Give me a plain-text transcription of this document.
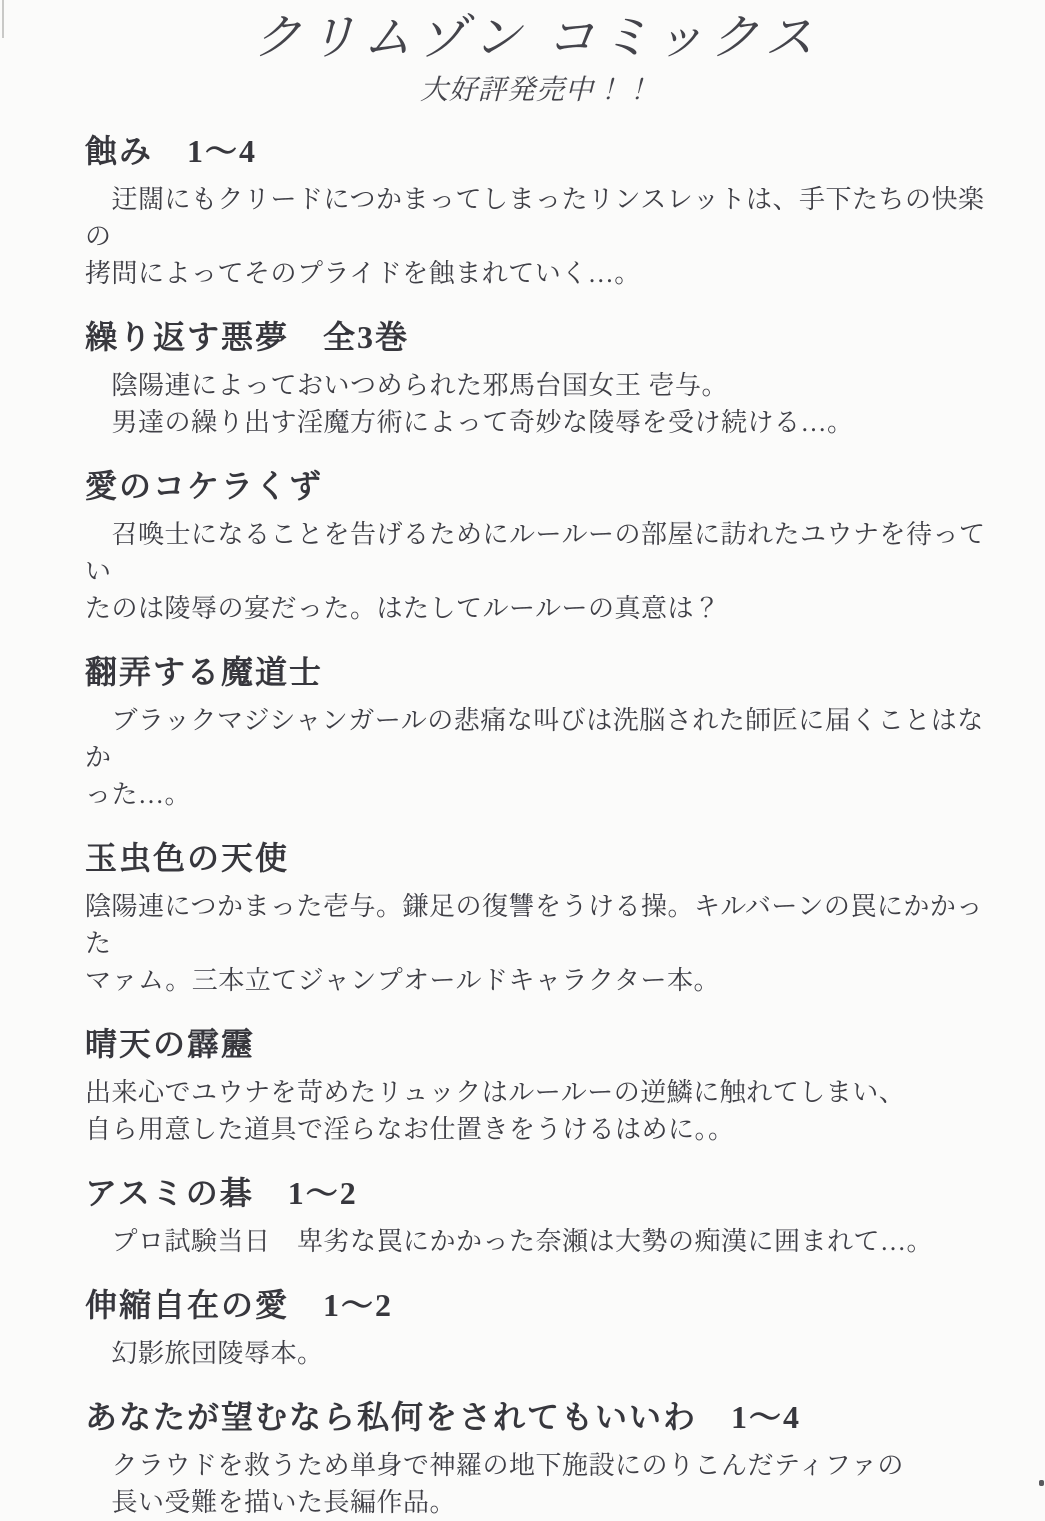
クリムゾン コミックス

大好評発売中！！

蝕み　1～4

　迂闊にもクリードにつかまってしまったリンスレットは、手下たちの快楽の

拷問によってそのプライドを蝕まれていく…。

繰り返す悪夢　全3巻

　陰陽連によっておいつめられた邪馬台国女王 壱与。

　男達の繰り出す淫魔方術によって奇妙な陵辱を受け続ける…。

愛のコケラくず

　召喚士になることを告げるためにルールーの部屋に訪れたユウナを待ってい

たのは陵辱の宴だった。はたしてルールーの真意は？

翻弄する魔道士

　ブラックマジシャンガールの悲痛な叫びは洗脳された師匠に届くことはなか

った…。

玉虫色の天使

陰陽連につかまった壱与。鎌足の復讐をうける操。キルバーンの罠にかかった

マァム。三本立てジャンプオールドキャラクター本。

晴天の霹靂

出来心でユウナを苛めたリュックはルールーの逆鱗に触れてしまい、

自ら用意した道具で淫らなお仕置きをうけるはめに。。

アスミの碁　1～2

　プロ試験当日　卑劣な罠にかかった奈瀬は大勢の痴漢に囲まれて…。

伸縮自在の愛　1～2

　幻影旅団陵辱本。

あなたが望むなら私何をされてもいいわ　1～4

　クラウドを救うため単身で神羅の地下施設にのりこんだティファの

　長い受難を描いた長編作品。
